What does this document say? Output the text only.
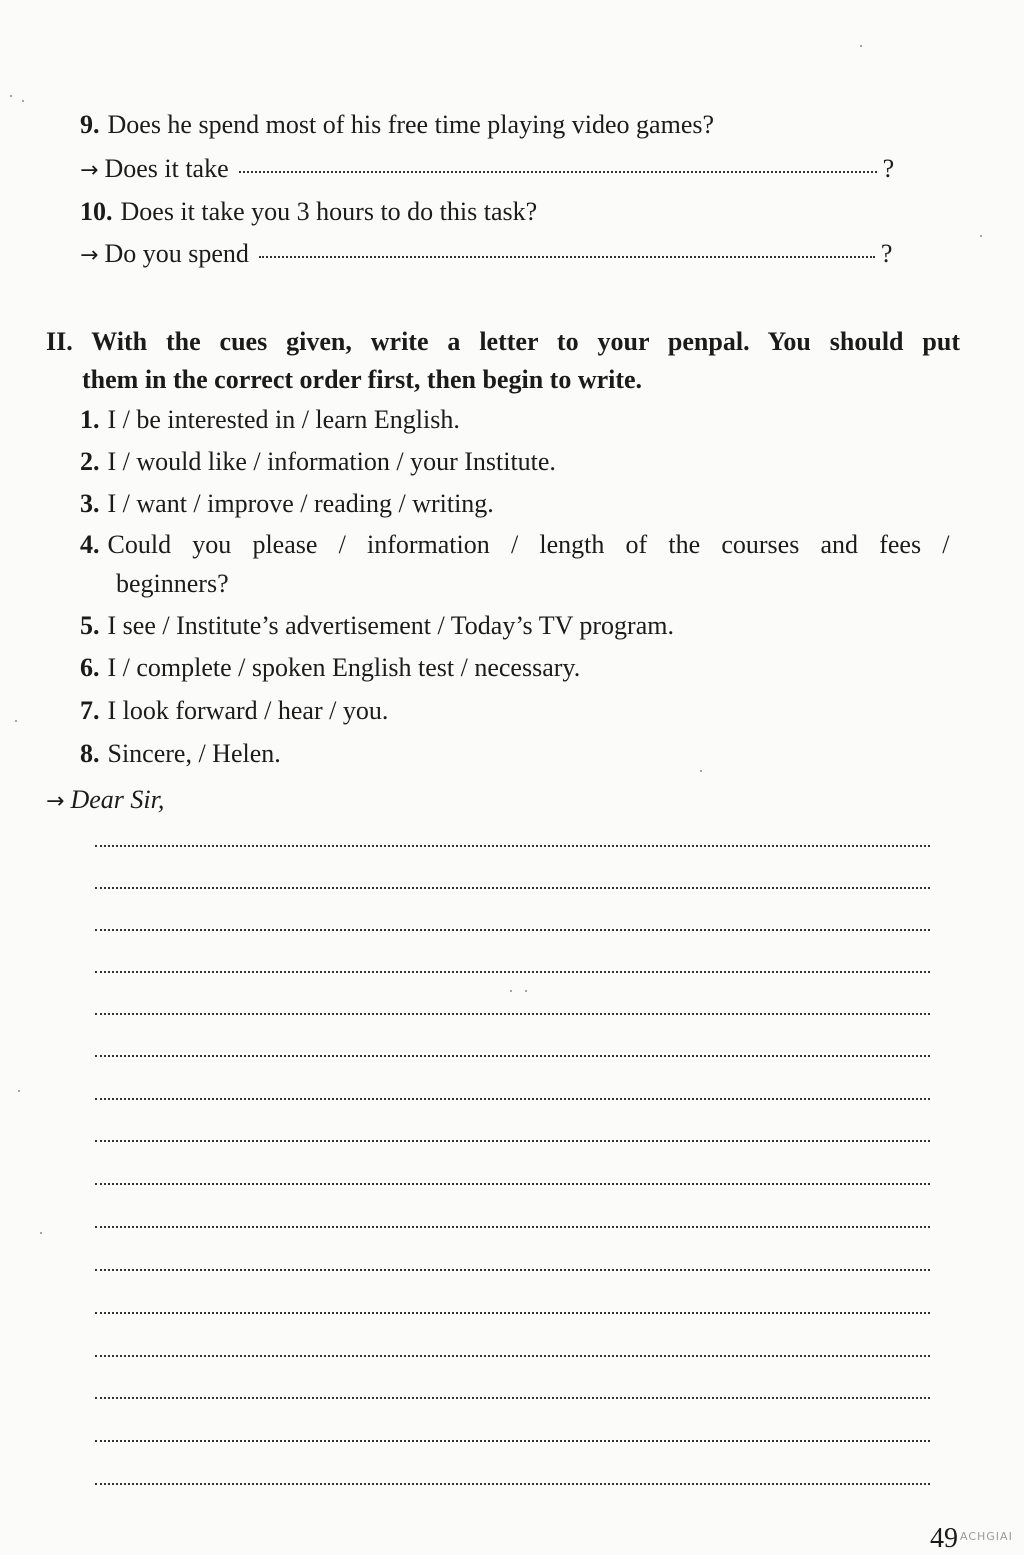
9. Does he spend most of his free time playing video games?
→ Does it take	?
10. Does it take you 3 hours to do this task?
→ Do you spend	?
II. With the cues given, write a letter to your penpal. You should put
them in the correct order first, then begin to write.
1. I / be interested in / learn English.
2. I / would like / information / your Institute.
3. I / want / improve / reading / writing.
4. Could you please / information / length of the courses and fees /
beginners?
5. I see / Institute’s advertisement / Today’s TV program.
6. I / complete / spoken English test / necessary.
7. I look forward / hear / you.
8. Sincere, / Helen.
→ Dear Sir,
49 ACHGIAI
